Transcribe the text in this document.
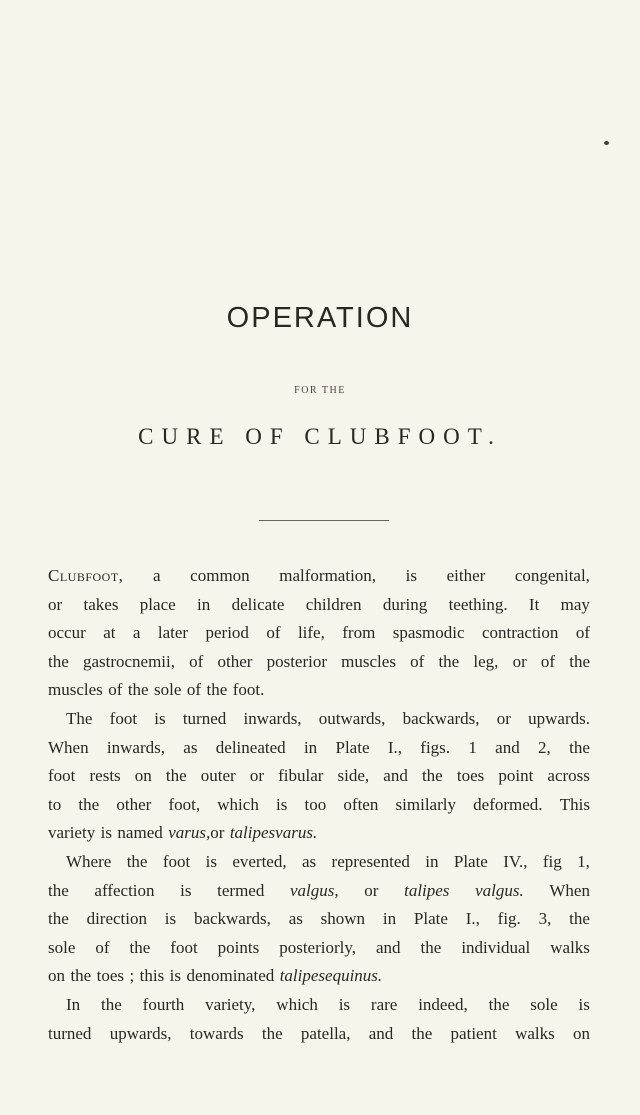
OPERATION
FOR THE
CURE OF CLUBFOOT.
Clubfoot, a common malformation, is either congenital,
or takes place in delicate children during teething. It may
occur at a later period of life, from spasmodic contraction of
the gastrocnemii, of other posterior muscles of the leg, or of the
muscles of the sole of the foot.
The foot is turned inwards, outwards, backwards, or upwards.
When inwards, as delineated in Plate I., figs. 1 and 2, the
foot rests on the outer or fibular side, and the toes point across
to the other foot, which is too often similarly deformed. This
variety is named varus, or talipes varus.
Where the foot is everted, as represented in Plate IV., fig 1,
the affection is termed valgus, or talipes valgus. When
the direction is backwards, as shown in Plate I., fig. 3, the
sole of the foot points posteriorly, and the individual walks
on the toes ; this is denominated talipes equinus.
In the fourth variety, which is rare indeed, the sole is
turned upwards, towards the patella, and the patient walks on
